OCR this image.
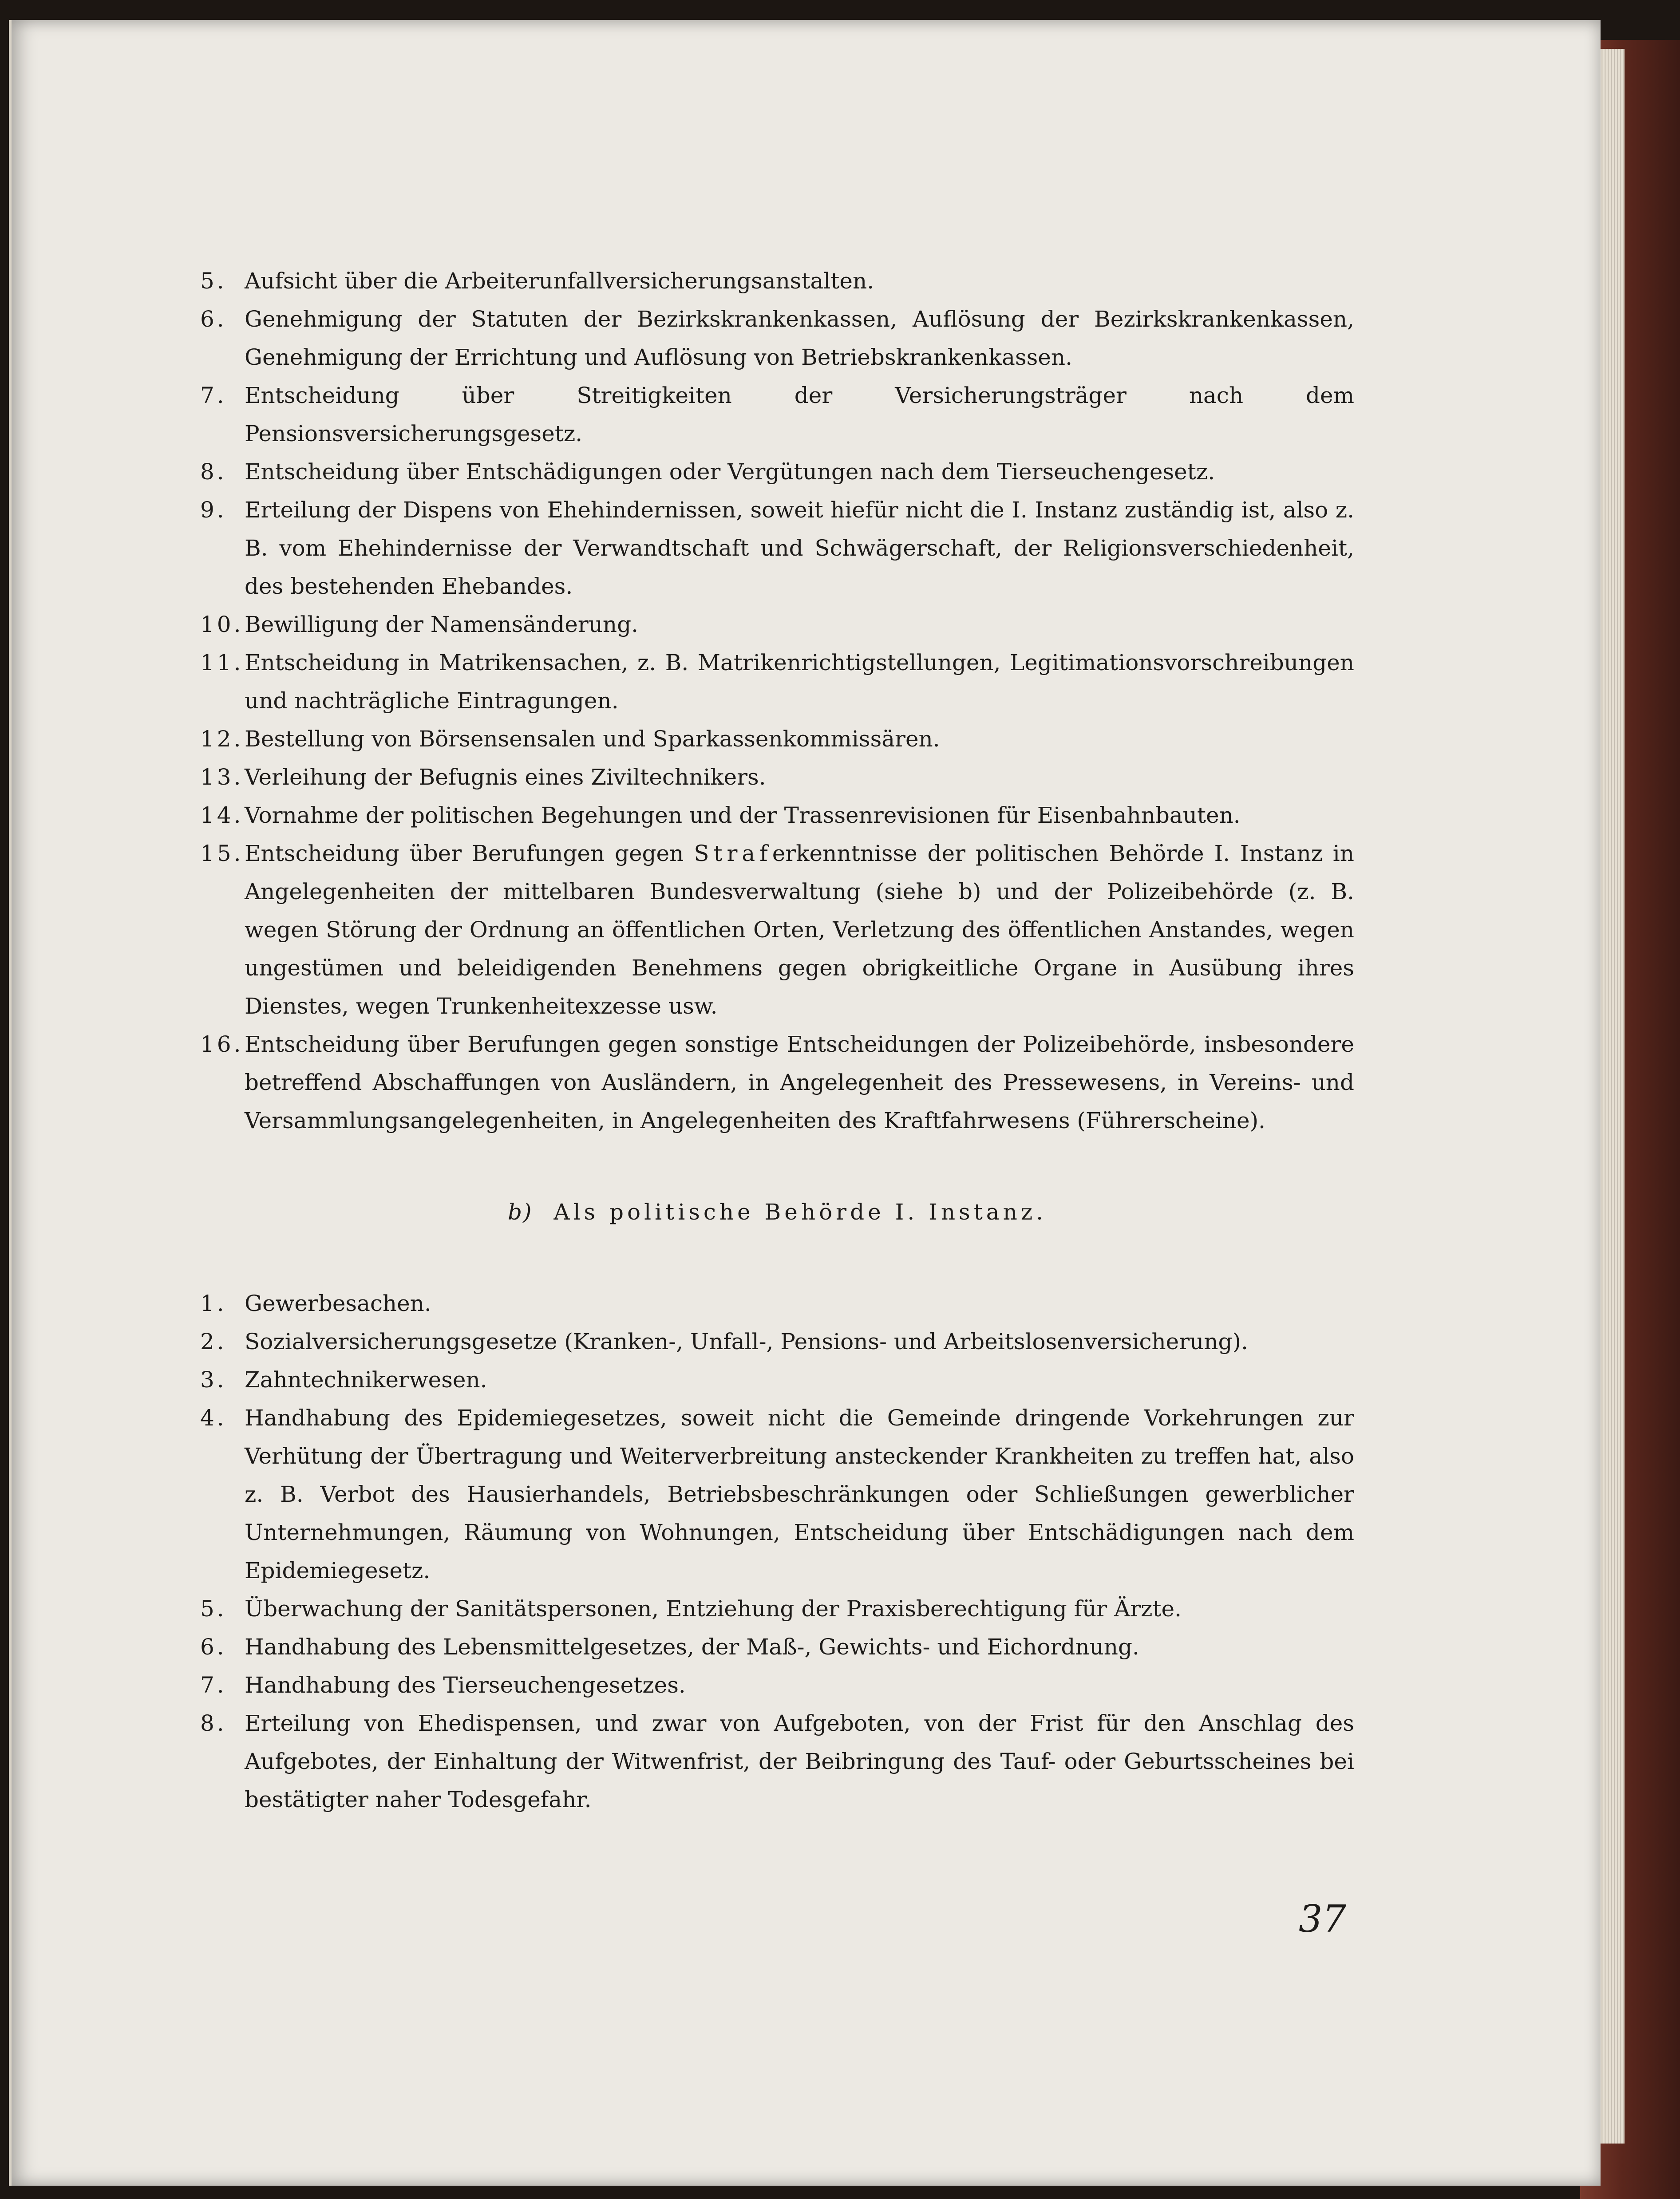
5. Aufsicht über die Arbeiterunfallversicherungsanstalten.
6. Genehmigung der Statuten der Bezirkskrankenkassen, Auflösung der Bezirkskrankenkassen, Genehmigung der Errichtung und Auflösung von Betriebskrankenkassen.
7. Entscheidung über Streitigkeiten der Versicherungsträger nach dem Pensionsversicherungsgesetz.
8. Entscheidung über Entschädigungen oder Vergütungen nach dem Tierseuchengesetz.
9. Erteilung der Dispens von Ehehindernissen, soweit hiefür nicht die I. Instanz zuständig ist, also z. B. vom Ehehindernisse der Verwandtschaft und Schwägerschaft, der Religionsverschiedenheit, des bestehenden Ehebandes.
10. Bewilligung der Namensänderung.
11. Entscheidung in Matrikensachen, z. B. Matrikenrichtigstellungen, Legitimationsvorschreibungen und nachträgliche Eintragungen.
12. Bestellung von Börsensensalen und Sparkassenkommissären.
13. Verleihung der Befugnis eines Ziviltechnikers.
14. Vornahme der politischen Begehungen und der Trassenrevisionen für Eisenbahnbauten.
15. Entscheidung über Berufungen gegen Straferkenntnisse der politischen Behörde I. Instanz in Angelegenheiten der mittelbaren Bundesverwaltung (siehe b) und der Polizeibehörde (z. B. wegen Störung der Ordnung an öffentlichen Orten, Verletzung des öffentlichen Anstandes, wegen ungestümen und beleidigenden Benehmens gegen obrigkeitliche Organe in Ausübung ihres Dienstes, wegen Trunkenheitexzesse usw.
16. Entscheidung über Berufungen gegen sonstige Entscheidungen der Polizeibehörde, insbesondere betreffend Abschaffungen von Ausländern, in Angelegenheit des Pressewesens, in Vereins- und Versammlungsangelegenheiten, in Angelegenheiten des Kraftfahrwesens (Führerscheine).
b) Als politische Behörde I. Instanz.
1. Gewerbesachen.
2. Sozialversicherungsgesetze (Kranken-, Unfall-, Pensions- und Arbeitslosenversicherung).
3. Zahntechnikerwesen.
4. Handhabung des Epidemiegesetzes, soweit nicht die Gemeinde dringende Vorkehrungen zur Verhütung der Übertragung und Weiterverbreitung ansteckender Krankheiten zu treffen hat, also z. B. Verbot des Hausierhandels, Betriebsbeschränkungen oder Schließungen gewerblicher Unternehmungen, Räumung von Wohnungen, Entscheidung über Entschädigungen nach dem Epidemiegesetz.
5. Überwachung der Sanitätspersonen, Entziehung der Praxisberechtigung für Ärzte.
6. Handhabung des Lebensmittelgesetzes, der Maß-, Gewichts- und Eichordnung.
7. Handhabung des Tierseuchengesetzes.
8. Erteilung von Ehedispensen, und zwar von Aufgeboten, von der Frist für den Anschlag des Aufgebotes, der Einhaltung der Witwenfrist, der Beibringung des Tauf- oder Geburtsscheines bei bestätigter naher Todesgefahr.
37
